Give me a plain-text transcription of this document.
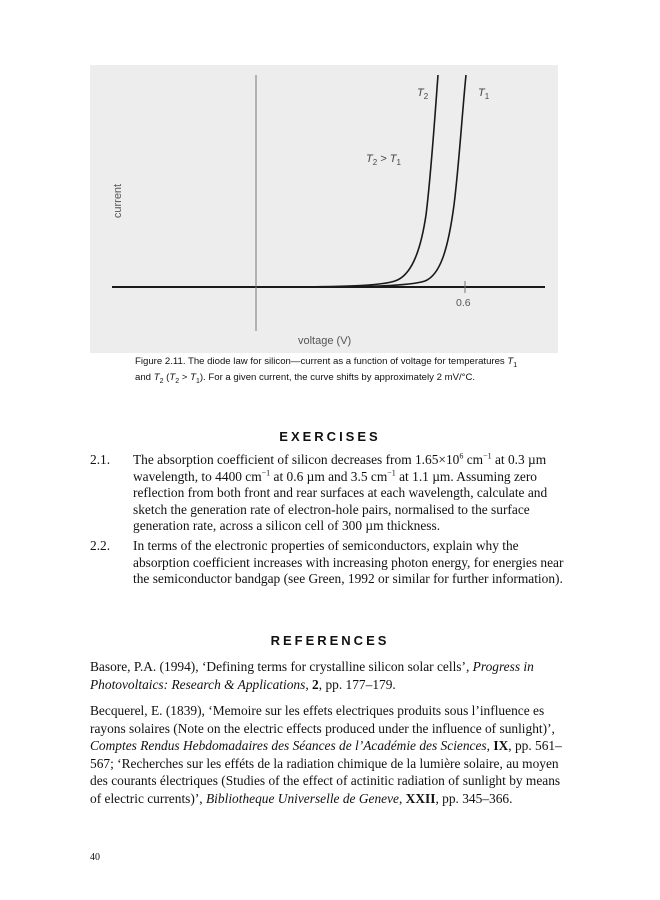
current
voltage (V)
0.6
$T_2$	$T_1$
$T_2 > T_1$
Figure 2.11. The diode law for silicon—current as a function of voltage for temperatures $T_1$ and $T_2$ $(T_2 > T_1)$. For a given current, the curve shifts by approximately 2 mV/°C.
EXERCISES
2.1. The absorption coefficient of silicon decreases from $1.65\times 10^6$ $cm^{-1}$ at 0.3 µm wavelength, to 4400 $cm^{-1}$ at 0.6 µm and 3.5 $cm^{-1}$ at 1.1 µm. Assuming zero reflection from both front and rear surfaces at each wavelength, calculate and sketch the generation rate of electron-hole pairs, normalised to the surface generation rate, across a silicon cell of 300 µm thickness.
2.2. In terms of the electronic properties of semiconductors, explain why the absorption coefficient increases with increasing photon energy, for energies near the semiconductor bandgap (see Green, 1992 or similar for further information).
REFERENCES
Basore, P.A. (1994), ‘Defining terms for crystalline silicon solar cells’, Progress in Photovoltaics: Research & Applications, 2, pp. 177–179.
Becquerel, E. (1839), ‘Memoire sur les effets electriques produits sous l’influence es rayons solaires (Note on the electric effects produced under the influence of sunlight)’, Comptes Rendus Hebdomadaires des Séances de l’Académie des Sciences, IX, pp. 561–567; ‘Recherches sur les efféts de la radiation chimique de la lumière solaire, au moyen des courants électriques (Studies of the effect of actinitic radiation of sunlight by means of electric currents)’, Bibliotheque Universelle de Geneve, XXII, pp. 345–366.
40
